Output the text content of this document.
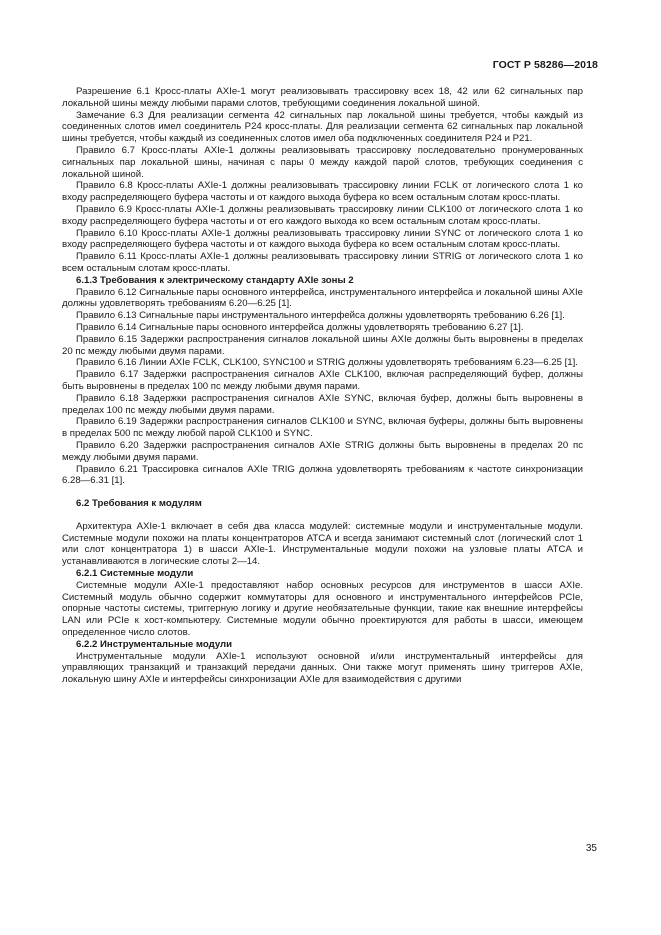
ГОСТ Р 58286—2018

Разрешение 6.1 Кросс-платы AXIe-1 могут реализовывать трассировку всех 18, 42 или 62 сигнальных пар локальной шины между любыми парами слотов, требующими соединения локальной шиной.

Замечание 6.3 Для реализации сегмента 42 сигнальных пар локальной шины требуется, чтобы каждый из соединенных слотов имел соединитель P24 кросс-платы. Для реализации сегмента 62 сигнальных пар локальной шины требуется, чтобы каждый из соединенных слотов имел оба подключенных соединителя P24 и P21.

Правило 6.7 Кросс-платы AXIe-1 должны реализовывать трассировку последовательно пронумерованных сигнальных пар локальной шины, начиная с пары 0 между каждой парой слотов, требующих соединения с локальной шиной.

Правило 6.8 Кросс-платы AXIe-1 должны реализовывать трассировку линии FCLK от логического слота 1 ко входу распределяющего буфера частоты и от каждого выхода буфера ко всем остальным слотам кросс-платы.

Правило 6.9 Кросс-платы AXIe-1 должны реализовывать трассировку линии CLK100 от логического слота 1 ко входу распределяющего буфера частоты и от его каждого выхода ко всем остальным слотам кросс-платы.

Правило 6.10 Кросс-платы AXIe-1 должны реализовывать трассировку линии SYNC от логического слота 1 ко входу распределяющего буфера частоты и от каждого выхода буфера ко всем остальным слотам кросс-платы.

Правило 6.11 Кросс-платы AXIe-1 должны реализовывать трассировку линии STRIG от логического слота 1 ко всем остальным слотам кросс-платы.

6.1.3 Требования к электрическому стандарту AXIe зоны 2

Правило 6.12 Сигнальные пары основного интерфейса, инструментального интерфейса и локальной шины AXIe должны удовлетворять требованиям 6.20—6.25 [1].

Правило 6.13 Сигнальные пары инструментального интерфейса должны удовлетворять требованию 6.26 [1].

Правило 6.14 Сигнальные пары основного интерфейса должны удовлетворять требованию 6.27 [1].

Правило 6.15 Задержки распространения сигналов локальной шины AXIe должны быть выровнены в пределах 20 пс между любыми двумя парами.

Правило 6.16 Линии AXIe FCLK, CLK100, SYNC100 и STRIG должны удовлетворять требованиям 6.23—6.25 [1].

Правило 6.17 Задержки распространения сигналов AXIe CLK100, включая распределяющий буфер, должны быть выровнены в пределах 100 пс между любыми двумя парами.

Правило 6.18 Задержки распространения сигналов AXIe SYNC, включая буфер, должны быть выровнены в пределах 100 пс между любыми двумя парами.

Правило 6.19 Задержки распространения сигналов CLK100 и SYNC, включая буферы, должны быть выровнены в пределах 500 пс между любой парой CLK100 и SYNC.

Правило 6.20 Задержки распространения сигналов AXIe STRIG должны быть выровнены в пределах 20 пс между любыми двумя парами.

Правило 6.21 Трассировка сигналов AXIe TRIG должна удовлетворять требованиям к частоте синхронизации 6.28—6.31 [1].

6.2 Требования к модулям

Архитектура AXIe-1 включает в себя два класса модулей: системные модули и инструментальные модули. Системные модули похожи на платы концентраторов ATCA и всегда занимают системный слот (логический слот 1 или слот концентратора 1) в шасси AXIe-1. Инструментальные модули похожи на узловые платы ATCA и устанавливаются в логические слоты 2—14.

6.2.1 Системные модули

Системные модули AXIe-1 предоставляют набор основных ресурсов для инструментов в шасси AXIe. Системный модуль обычно содержит коммутаторы для основного и инструментального интерфейсов PCIe, опорные частоты системы, триггерную логику и другие необязательные функции, такие как внешние интерфейсы LAN или PCIe к хост-компьютеру. Системные модули обычно проектируются для работы в шасси, имеющем определенное число слотов.

6.2.2 Инструментальные модули

Инструментальные модули AXIe-1 используют основной и/или инструментальный интерфейсы для управляющих транзакций и транзакций передачи данных. Они также могут применять шину триггеров AXIe, локальную шину AXIe и интерфейсы синхронизации AXIe для взаимодействия с другими

35
